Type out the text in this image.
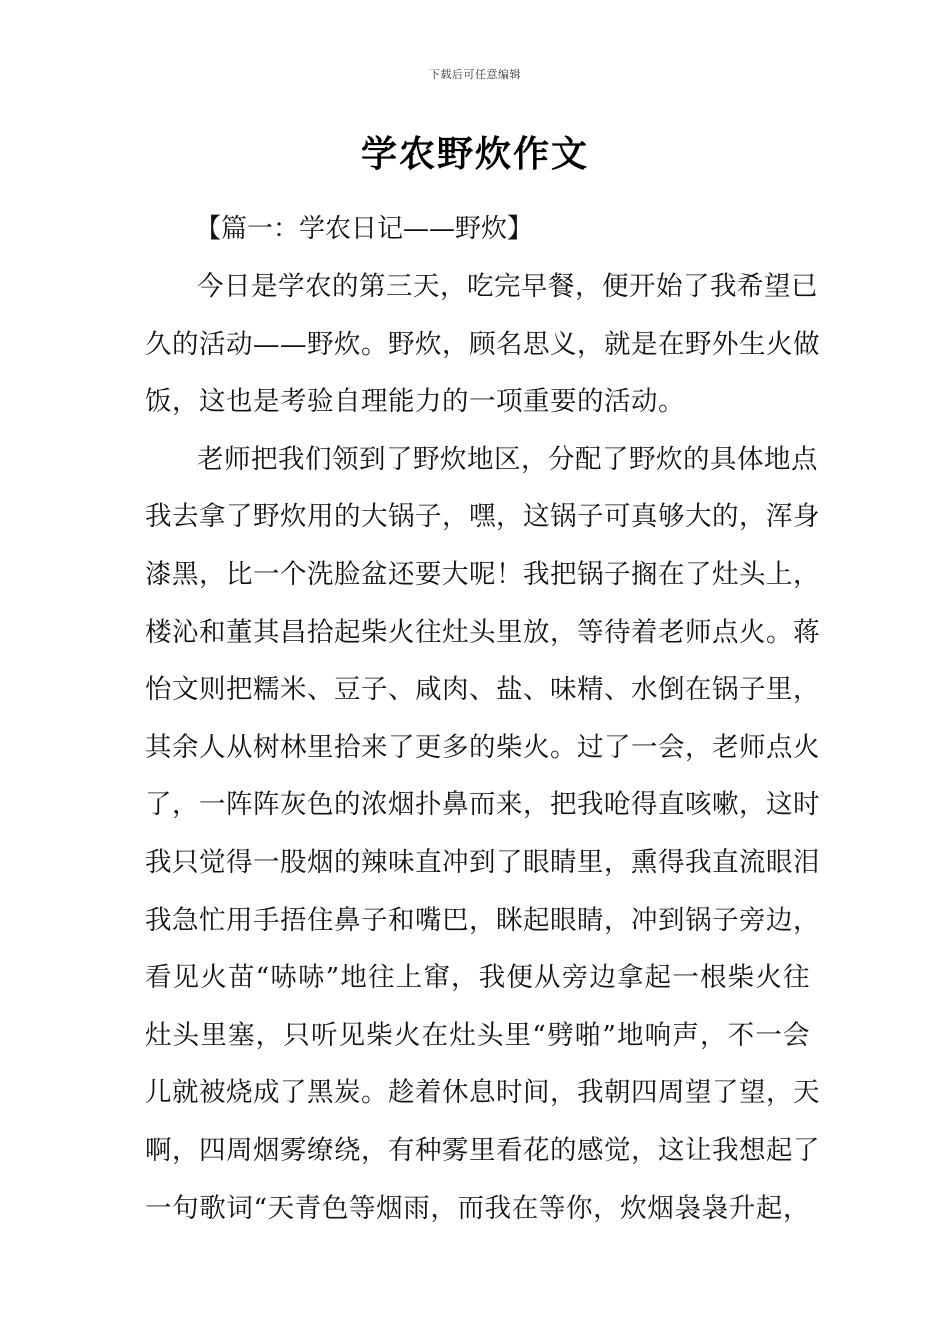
下载后可任意编辑
学农野炊作文
【篇一：学农日记——野炊】
今日是学农的第三天，吃完早餐，便开始了我希望已
久的活动——野炊。野炊，顾名思义，就是在野外生火做
饭，这也是考验自理能力的一项重要的活动。
老师把我们领到了野炊地区，分配了野炊的具体地点
我去拿了野炊用的大锅子，嘿，这锅子可真够大的，浑身
漆黑，比一个洗脸盆还要大呢！我把锅子搁在了灶头上，
楼沁和董其昌拾起柴火往灶头里放，等待着老师点火。蒋
怡文则把糯米、豆子、咸肉、盐、味精、水倒在锅子里，
其余人从树林里拾来了更多的柴火。过了一会，老师点火
了，一阵阵灰色的浓烟扑鼻而来，把我呛得直咳嗽，这时
我只觉得一股烟的辣味直冲到了眼睛里，熏得我直流眼泪
我急忙用手捂住鼻子和嘴巴，眯起眼睛，冲到锅子旁边，
看见火苗“哧哧”地往上窜，我便从旁边拿起一根柴火往
灶头里塞，只听见柴火在灶头里“劈啪”地响声，不一会
儿就被烧成了黑炭。趁着休息时间，我朝四周望了望，天
啊，四周烟雾缭绕，有种雾里看花的感觉，这让我想起了
一句歌词“天青色等烟雨，而我在等你，炊烟袅袅升起，
